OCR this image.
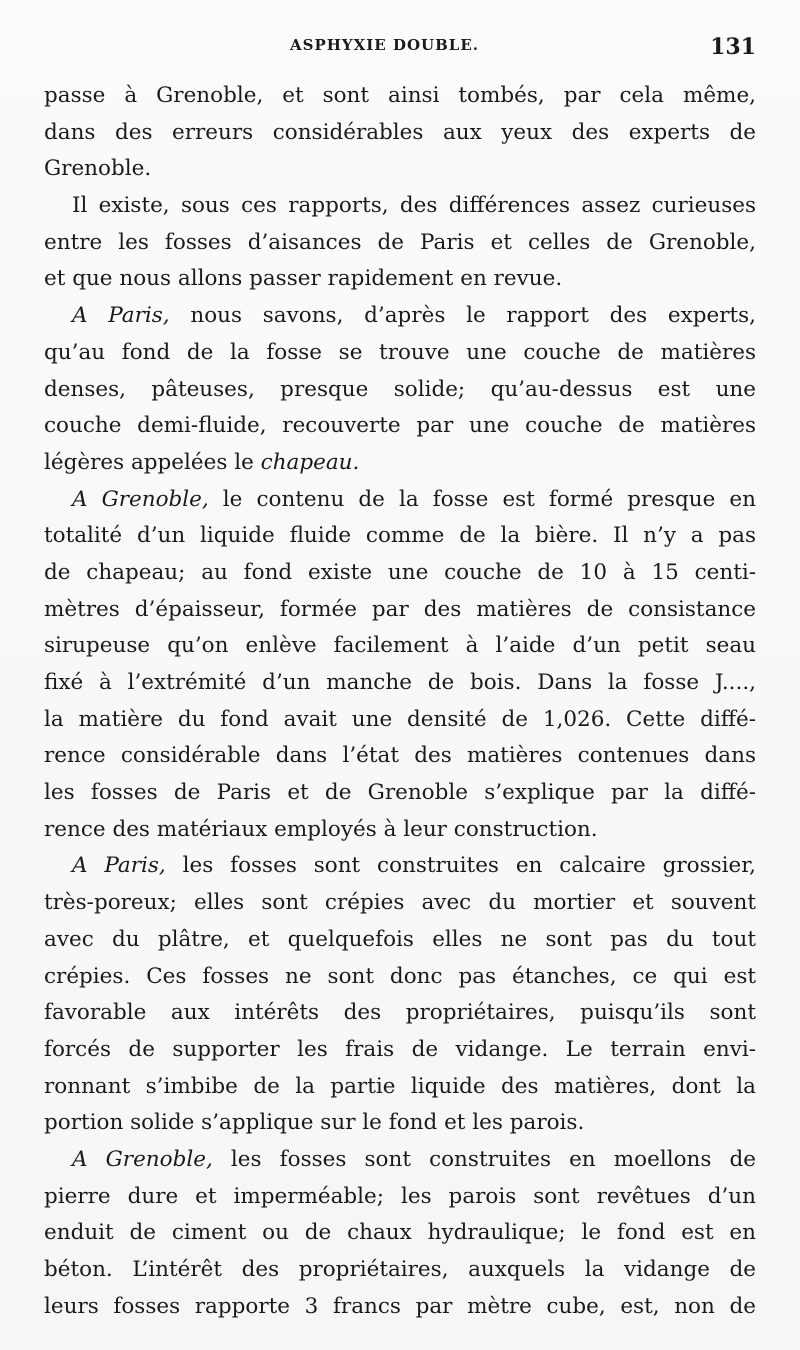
ASPHYXIE DOUBLE.	131
passe à Grenoble, et sont ainsi tombés, par cela même,
dans des erreurs considérables aux yeux des experts de
Grenoble.
Il existe, sous ces rapports, des différences assez curieuses
entre les fosses d’aisances de Paris et celles de Grenoble,
et que nous allons passer rapidement en revue.
A Paris, nous savons, d’après le rapport des experts,
qu’au fond de la fosse se trouve une couche de matières
denses, pâteuses, presque solide; qu’au-dessus est une
couche demi-fluide, recouverte par une couche de matières
légères appelées le chapeau.
A Grenoble, le contenu de la fosse est formé presque en
totalité d’un liquide fluide comme de la bière. Il n’y a pas
de chapeau; au fond existe une couche de 10 à 15 centi-
mètres d’épaisseur, formée par des matières de consistance
sirupeuse qu’on enlève facilement à l’aide d’un petit seau
fixé à l’extrémité d’un manche de bois. Dans la fosse J....,
la matière du fond avait une densité de 1,026. Cette diffé-
rence considérable dans l’état des matières contenues dans
les fosses de Paris et de Grenoble s’explique par la diffé-
rence des matériaux employés à leur construction.
A Paris, les fosses sont construites en calcaire grossier,
très-poreux; elles sont crépies avec du mortier et souvent
avec du plâtre, et quelquefois elles ne sont pas du tout
crépies. Ces fosses ne sont donc pas étanches, ce qui est
favorable aux intérêts des propriétaires, puisqu’ils sont
forcés de supporter les frais de vidange. Le terrain envi-
ronnant s’imbibe de la partie liquide des matières, dont la
portion solide s’applique sur le fond et les parois.
A Grenoble, les fosses sont construites en moellons de
pierre dure et imperméable; les parois sont revêtues d’un
enduit de ciment ou de chaux hydraulique; le fond est en
béton. L’intérêt des propriétaires, auxquels la vidange de
leurs fosses rapporte 3 francs par mètre cube, est, non de
